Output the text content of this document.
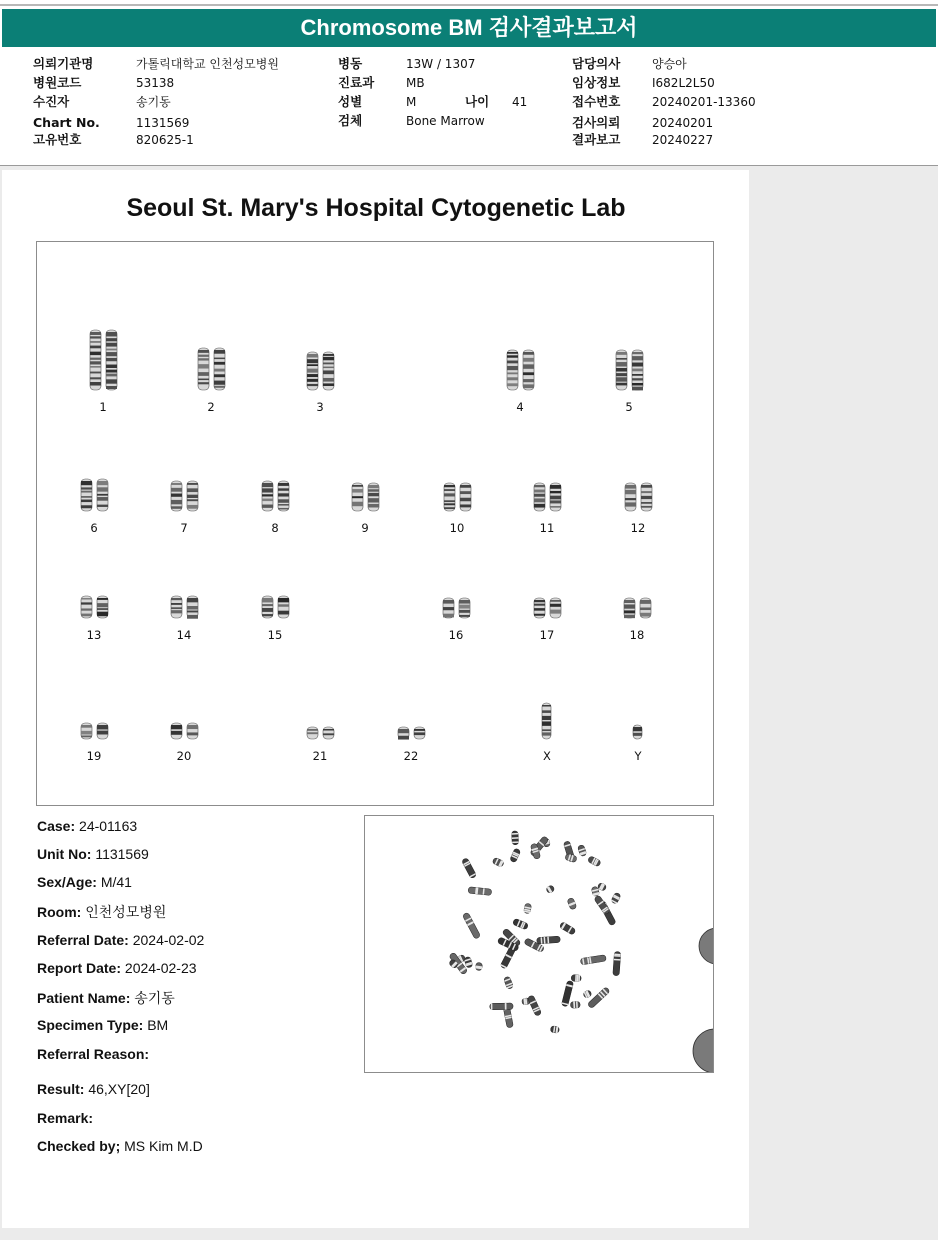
Chromosome BM 검사결과보고서
의뢰기관명	가톨릭대학교 인천성모병원
병원코드	53138
수진자	송기동
Chart No.	1131569
고유번호	820625-1
병동	13W / 1307
진료과	MB
성별	M	나이 41
검체	Bone Marrow
담당의사	양승아
임상정보	I682L2L50
접수번호	20240201-13360
검사의뢰	20240201
결과보고	20240227
Seoul St. Mary's Hospital Cytogenetic Lab
1	2	3	4	5
6	7	8	9	10	11	12
13	14	15	16	17	18
19	20	21	22	X	Y
Case: 24-01163
Unit No: 1131569
Sex/Age: M/41
Room: 인천성모병원
Referral Date: 2024-02-02
Report Date: 2024-02-23
Patient Name: 송기동
Specimen Type: BM
Referral Reason:
Result: 46,XY[20]
Remark:
Checked by; MS Kim M.D
